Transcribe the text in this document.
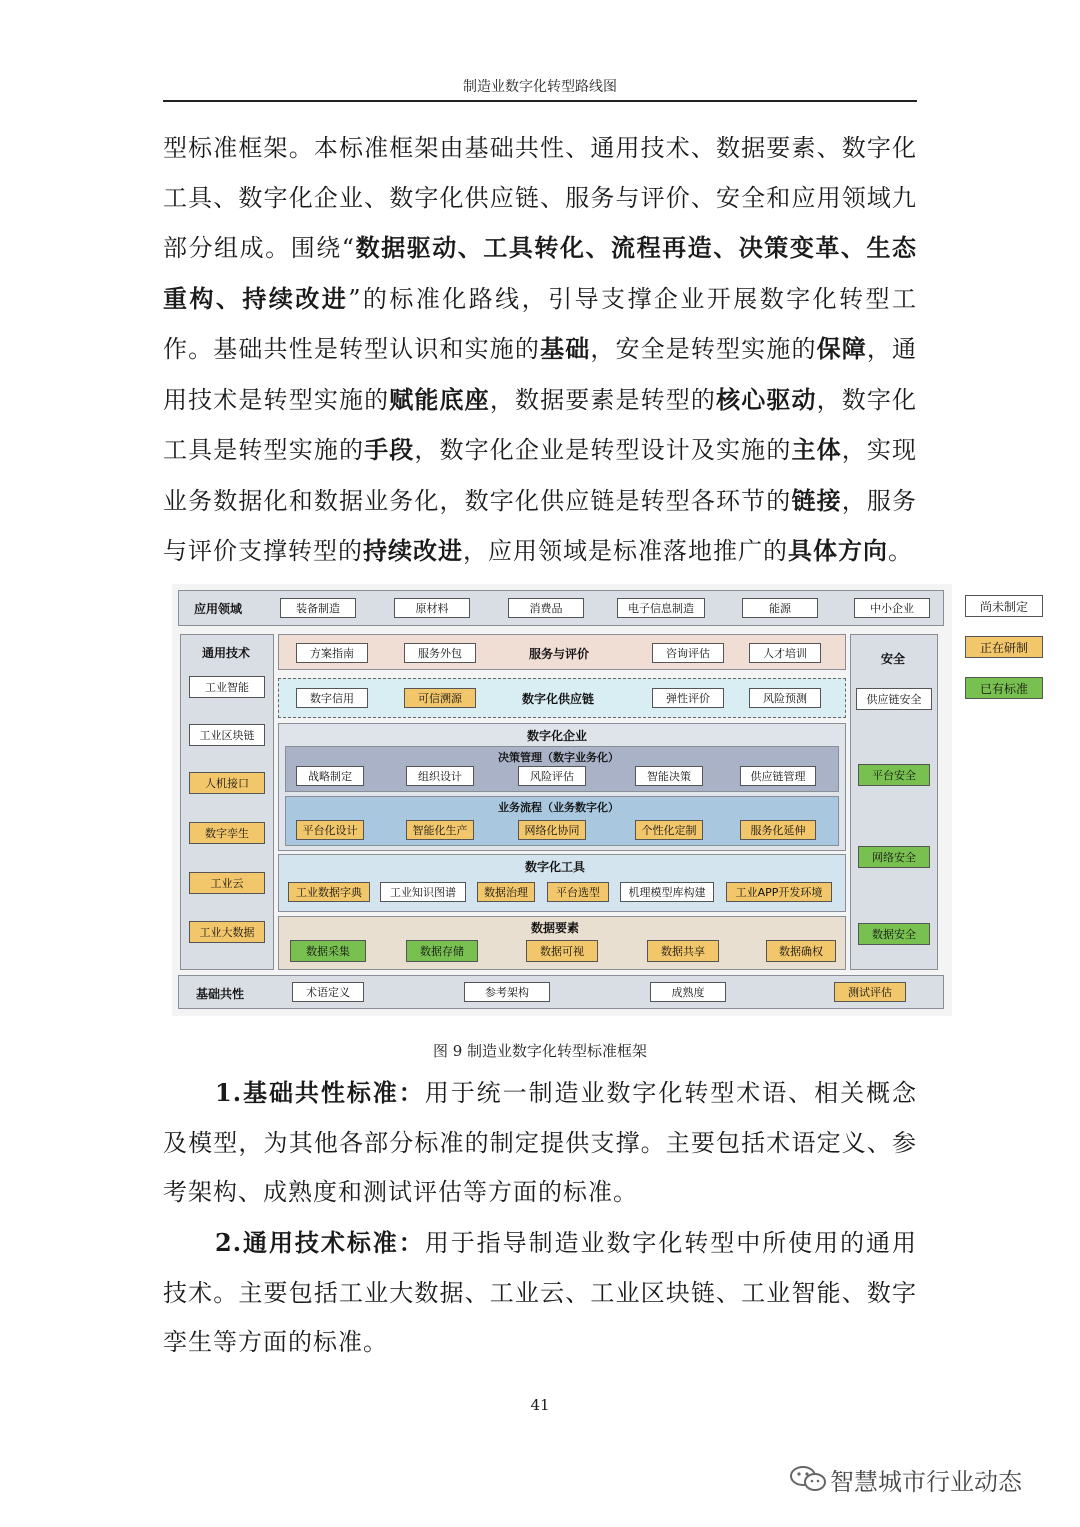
制造业数字化转型路线图
型标准框架。本标准框架由基础共性、通用技术、数据要素、数字化工具、数字化企业、数字化供应链、服务与评价、安全和应用领域九部分组成。围绕“数据驱动、工具转化、流程再造、决策变革、生态重构、持续改进”的标准化路线，引导支撑企业开展数字化转型工作。基础共性是转型认识和实施的基础，安全是转型实施的保障，通用技术是转型实施的赋能底座，数据要素是转型的核心驱动，数字化工具是转型实施的手段，数字化企业是转型设计及实施的主体，实现业务数据化和数据业务化，数字化供应链是转型各环节的链接，服务与评价支撑转型的持续改进，应用领域是标准落地推广的具体方向。
应用领域	装备制造	原材料	消费品	电子信息制造	能源	中小企业
通用技术
工业智能
工业区块链
人机接口
数字孪生
工业云
工业大数据
方案指南	服务外包	服务与评价	咨询评估	人才培训
数字信用	可信溯源	数字化供应链	弹性评价	风险预测
数字化企业
决策管理（数字业务化）
战略制定	组织设计	风险评估	智能决策	供应链管理
业务流程（业务数字化）
平台化设计	智能化生产	网络化协同	个性化定制	服务化延伸
数字化工具
工业数据字典	工业知识图谱	数据治理	平台选型	机理模型库构建	工业APP开发环境
数据要素
数据采集	数据存储	数据可视	数据共享	数据确权
安全
供应链安全
平台安全
网络安全
数据安全
基础共性	术语定义	参考架构	成熟度	测试评估
尚未制定
正在研制
已有标准
图 9 制造业数字化转型标准框架
1.基础共性标准：用于统一制造业数字化转型术语、相关概念及模型，为其他各部分标准的制定提供支撑。主要包括术语定义、参考架构、成熟度和测试评估等方面的标准。
2.通用技术标准：用于指导制造业数字化转型中所使用的通用技术。主要包括工业大数据、工业云、工业区块链、工业智能、数字孪生等方面的标准。
41
智慧城市行业动态
